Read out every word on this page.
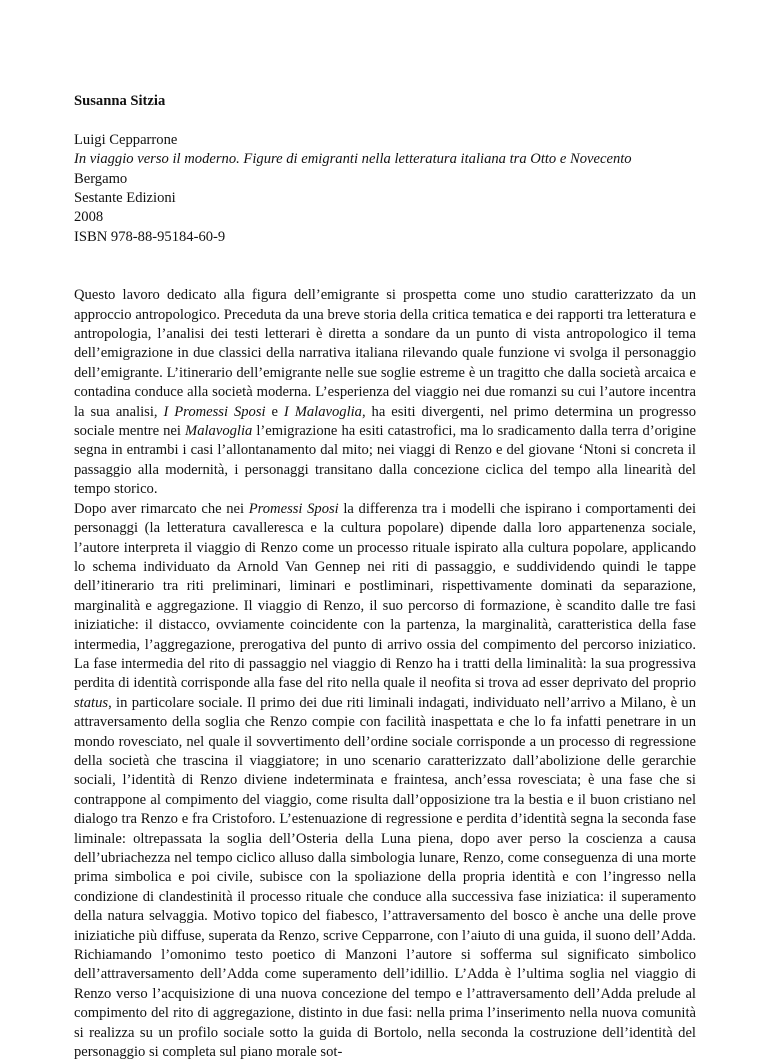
Susanna Sitzia
Luigi Cepparrone
In viaggio verso il moderno. Figure di emigranti nella letteratura italiana tra Otto e Novecento
Bergamo
Sestante Edizioni
2008
ISBN 978-88-95184-60-9

Questo lavoro dedicato alla figura dell’emigrante si prospetta come uno studio caratterizzato da un approccio antropologico. Preceduta da una breve storia della critica tematica e dei rapporti tra letteratura e antropologia, l’analisi dei testi letterari è diretta a sondare da un punto di vista antropologico il tema dell’emigrazione in due classici della narrativa italiana rilevando quale funzione vi svolga il personaggio dell’emigrante. L’itinerario dell’emigrante nelle sue soglie estreme è un tragitto che dalla società arcaica e contadina conduce alla società moderna. L’esperienza del viaggio nei due romanzi su cui l’autore incentra la sua analisi, I Promessi Sposi e I Malavoglia, ha esiti divergenti, nel primo determina un progresso sociale mentre nei Malavoglia l’emigrazione ha esiti catastrofici, ma lo sradicamento dalla terra d’origine segna in entrambi i casi l’allontanamento dal mito; nei viaggi di Renzo e del giovane ‘Ntoni si concreta il passaggio alla modernità, i personaggi transitano dalla concezione ciclica del tempo alla linearità del tempo storico.

Dopo aver rimarcato che nei Promessi Sposi la differenza tra i modelli che ispirano i comportamenti dei personaggi (la letteratura cavalleresca e la cultura popolare) dipende dalla loro appartenenza sociale, l’autore interpreta il viaggio di Renzo come un processo rituale ispirato alla cultura popolare, applicando lo schema individuato da Arnold Van Gennep nei riti di passaggio, e suddividendo quindi le tappe dell’itinerario tra riti preliminari, liminari e postliminari, rispettivamente dominati da separazione, marginalità e aggregazione. Il viaggio di Renzo, il suo percorso di formazione, è scandito dalle tre fasi iniziatiche: il distacco, ovviamente coincidente con la partenza, la marginalità, caratteristica della fase intermedia, l’aggregazione, prerogativa del punto di arrivo ossia del compimento del percorso iniziatico. La fase intermedia del rito di passaggio nel viaggio di Renzo ha i tratti della liminalità: la sua progressiva perdita di identità corrisponde alla fase del rito nella quale il neofita si trova ad esser deprivato del proprio status, in particolare sociale. Il primo dei due riti liminali indagati, individuato nell’arrivo a Milano, è un attraversamento della soglia che Renzo compie con facilità inaspettata e che lo fa infatti penetrare in un mondo rovesciato, nel quale il sovvertimento dell’ordine sociale corrisponde a un processo di regressione della società che trascina il viaggiatore; in uno scenario caratterizzato dall’abolizione delle gerarchie sociali, l’identità di Renzo diviene indeterminata e fraintesa, anch’essa rovesciata; è una fase che si contrappone al compimento del viaggio, come risulta dall’opposizione tra la bestia e il buon cristiano nel dialogo tra Renzo e fra Cristoforo. L’estenuazione di regressione e perdita d’identità segna la seconda fase liminale: oltrepassata la soglia dell’Osteria della Luna piena, dopo aver perso la coscienza a causa dell’ubriachezza nel tempo ciclico alluso dalla simbologia lunare, Renzo, come conseguenza di una morte prima simbolica e poi civile, subisce con la spoliazione della propria identità e con l’ingresso nella condizione di clandestinità il processo rituale che conduce alla successiva fase iniziatica: il superamento della natura selvaggia. Motivo topico del fiabesco, l’attraversamento del bosco è anche una delle prove iniziatiche più diffuse, superata da Renzo, scrive Cepparrone, con l’aiuto di una guida, il suono dell’Adda. Richiamando l’omonimo testo poetico di Manzoni l’autore si sofferma sul significato simbolico dell’attraversamento dell’Adda come superamento dell’idillio. L’Adda è l’ultima soglia nel viaggio di Renzo verso l’acquisizione di una nuova concezione del tempo e l’attraversamento dell’Adda prelude al compimento del rito di aggregazione, distinto in due fasi: nella prima l’inserimento nella nuova comunità si realizza su un profilo sociale sotto la guida di Bortolo, nella seconda la costruzione dell’identità del personaggio si completa sul piano morale sot-
